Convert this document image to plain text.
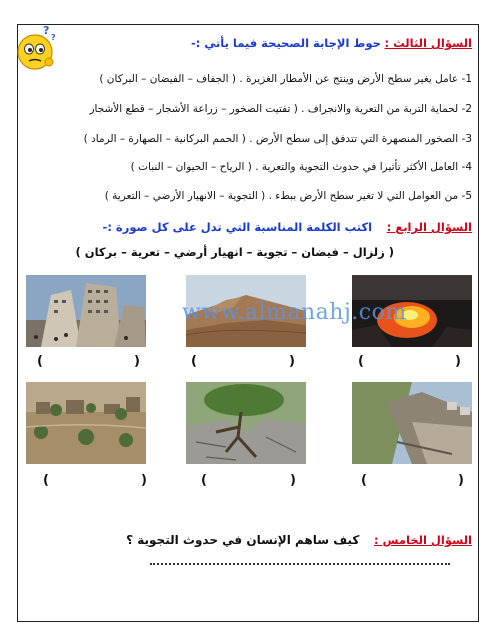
?
?	السؤال الثالث : حوط الإجابة الصحيحة فيما يأتي :-
1- عامل يغير سطح الأرض وينتج عن الأمطار الغزيرة . ( الجفاف – الفيضان – البركان )
2- لحماية التربة من التعرية والانجراف . ( تفتيت الصخور – زراعة الأشجار – قطع الأشجار
3- الصخور المنصهرة التي تتدفق إلى سطح الأرض . ( الحمم البركانية – الصهارة – الرماد )
4- العامل الأكثر تأثيرا في حدوث التجوية والتعرية . ( الرياح – الحيوان – النبات )
5- من العوامل التي لا تغير سطح الأرض ببطء . ( التجوية – الانهيار الأرضي – التعرية )
السؤال الرابع :    اكتب الكلمة المناسبة التي تدل على كل صورة :-
( زلزال – فيضان – تجوية – انهيار أرضي – تعرية – بركان )
(	)	(	)	(	)
(	)	(	)	(	)
www.almanahj.com
السؤال الخامس :    كيف ساهم الإنسان في حدوث التجوية ؟
